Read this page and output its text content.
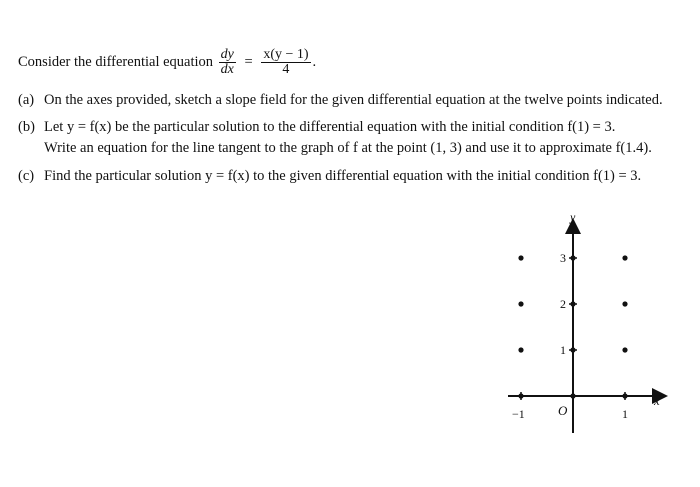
Consider the differential equation $\frac{dy}{dx} = \frac{x(y - 1)}{4}$ .
(a) On the axes provided, sketch a slope field for the given differential equation at the twelve points indicated.
(b) Let y = f(x) be the particular solution to the differential equation with the initial condition f(1) = 3.
Write an equation for the line tangent to the graph of f at the point (1, 3) and use it to approximate f(1.4).
(c) Find the particular solution y = f(x) to the given differential equation with the initial condition f(1) = 3.
y
x
O
−1	1
1
2
3
